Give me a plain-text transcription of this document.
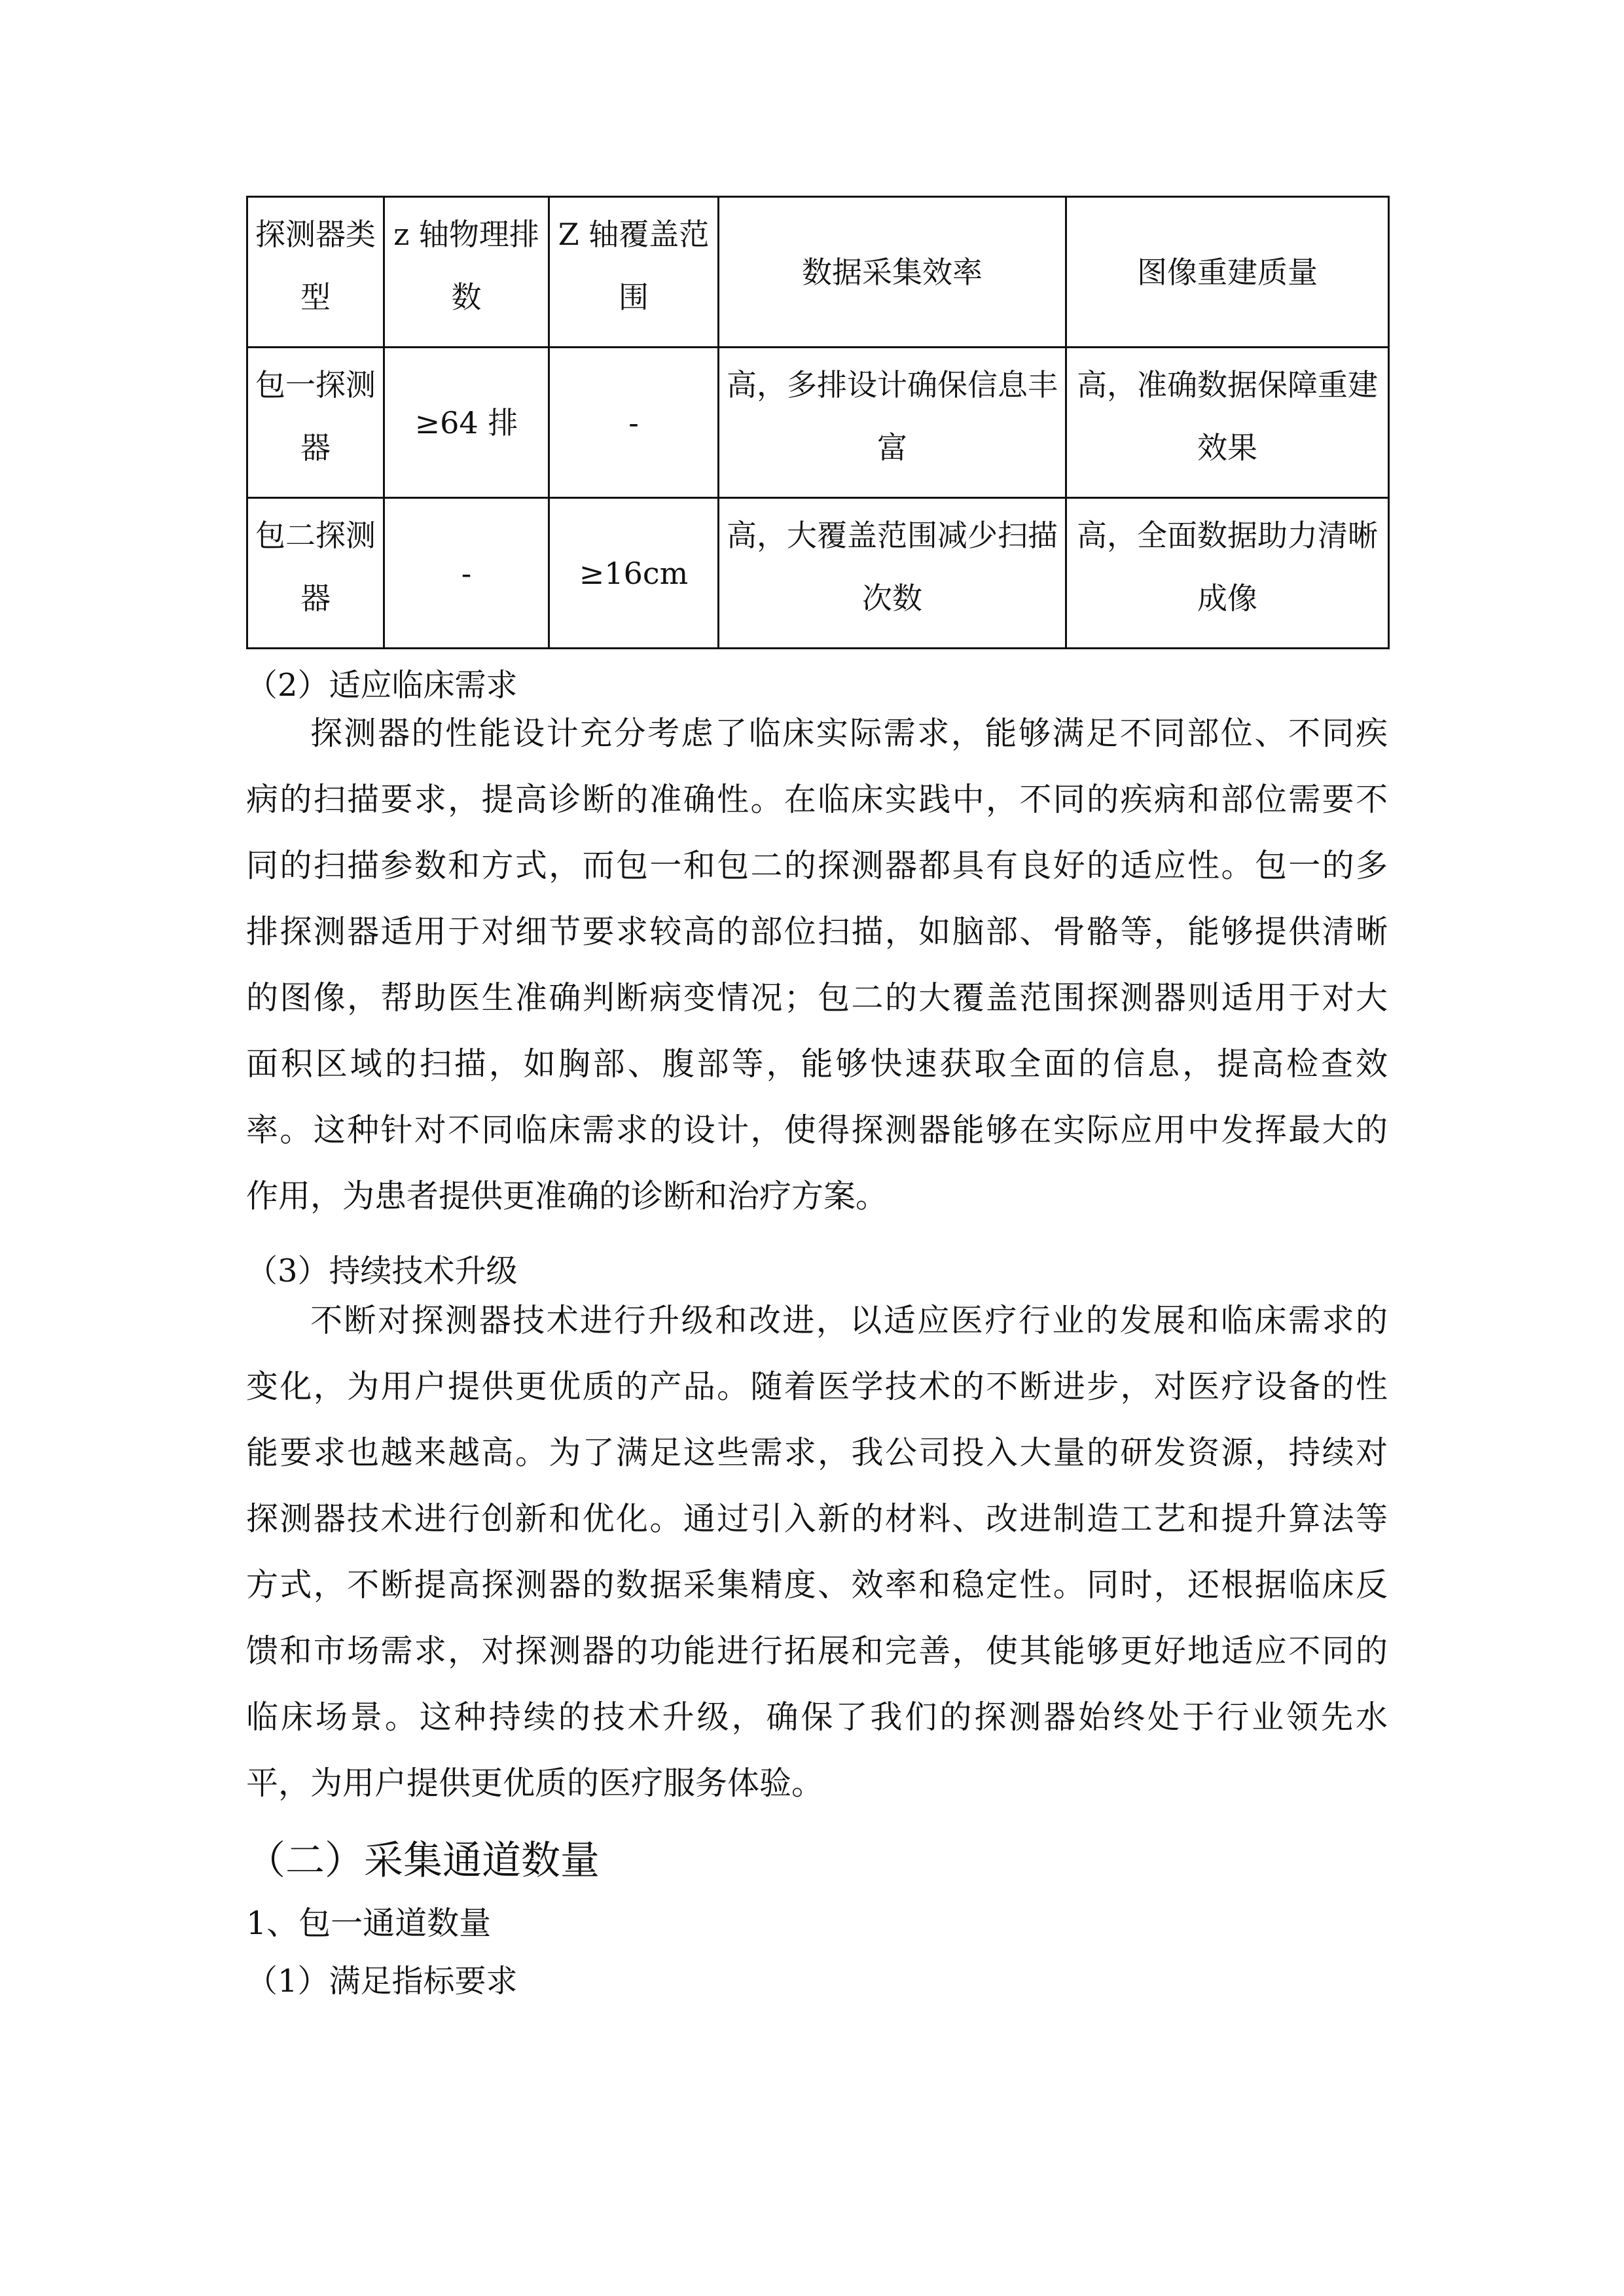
探测器类型	z 轴物理排数	Z 轴覆盖范围	数据采集效率	图像重建质量
包一探测器	≥64 排	-	高，多排设计确保信息丰富	高，准确数据保障重建效果
包二探测器	-	≥16cm	高，大覆盖范围减少扫描次数	高，全面数据助力清晰成像
（2）适应临床需求
探测器的性能设计充分考虑了临床实际需求，能够满足不同部位、不同疾
病的扫描要求，提高诊断的准确性。在临床实践中，不同的疾病和部位需要不
同的扫描参数和方式，而包一和包二的探测器都具有良好的适应性。包一的多
排探测器适用于对细节要求较高的部位扫描，如脑部、骨骼等，能够提供清晰
的图像，帮助医生准确判断病变情况；包二的大覆盖范围探测器则适用于对大
面积区域的扫描，如胸部、腹部等，能够快速获取全面的信息，提高检查效
率。这种针对不同临床需求的设计，使得探测器能够在实际应用中发挥最大的
作用，为患者提供更准确的诊断和治疗方案。
（3）持续技术升级
不断对探测器技术进行升级和改进，以适应医疗行业的发展和临床需求的
变化，为用户提供更优质的产品。随着医学技术的不断进步，对医疗设备的性
能要求也越来越高。为了满足这些需求，我公司投入大量的研发资源，持续对
探测器技术进行创新和优化。通过引入新的材料、改进制造工艺和提升算法等
方式，不断提高探测器的数据采集精度、效率和稳定性。同时，还根据临床反
馈和市场需求，对探测器的功能进行拓展和完善，使其能够更好地适应不同的
临床场景。这种持续的技术升级，确保了我们的探测器始终处于行业领先水
平，为用户提供更优质的医疗服务体验。
（二）采集通道数量
1、包一通道数量
（1）满足指标要求
